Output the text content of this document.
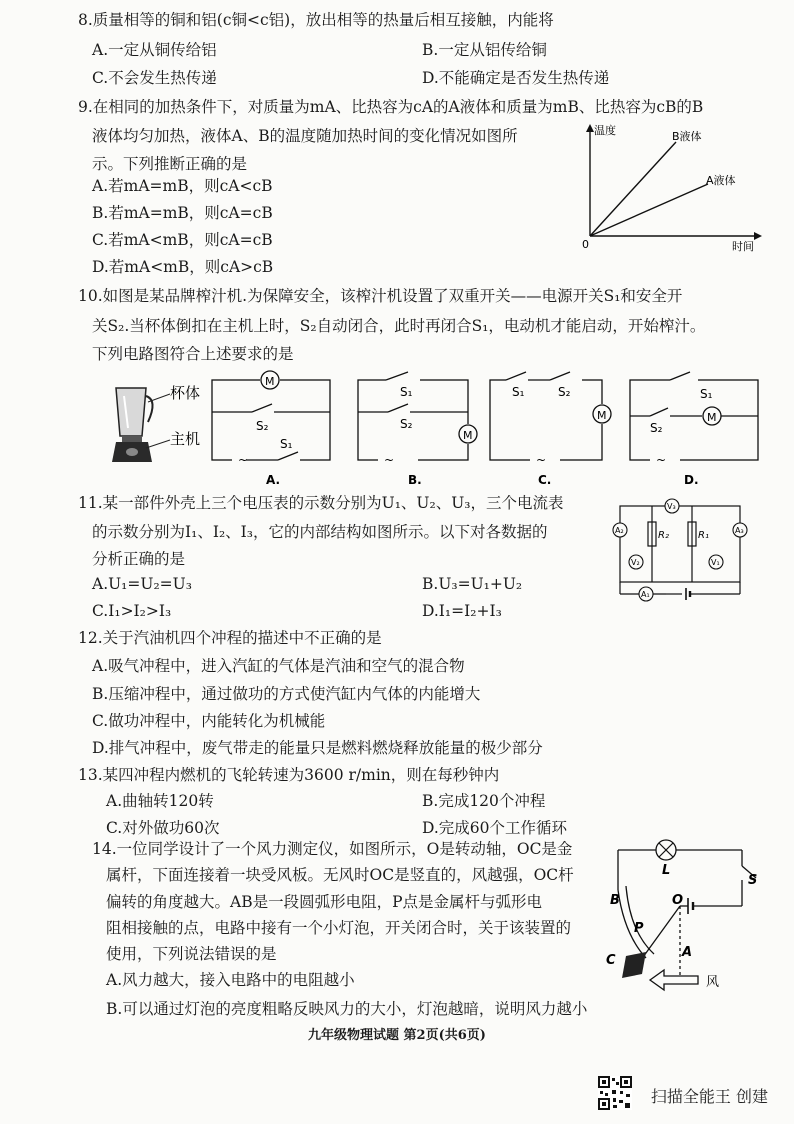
8.质量相等的铜和铝(c铜<c铝)，放出相等的热量后相互接触，内能将
A.一定从铜传给铝	B.一定从铝传给铜
C.不会发生热传递	D.不能确定是否发生热传递
9.在相同的加热条件下，对质量为mA、比热容为cA的A液体和质量为mB、比热容为cB的B
液体均匀加热，液体A、B的温度随加热时间的变化情况如图所
示。下列推断正确的是
A.若mA=mB，则cA<cB
B.若mA=mB，则cA=cB
C.若mA<mB，则cA=cB
D.若mA<mB，则cA>cB
温度	B液体
A液体
0	时间
10.如图是某品牌榨汁机.为保障安全，该榨汁机设置了双重开关——电源开关S₁和安全开
关S₂.当杯体倒扣在主机上时，S₂自动闭合，此时再闭合S₁，电动机才能启动，开始榨汁。
下列电路图符合上述要求的是
杯体
主机
M
S₂
~
S₁
A.
S₁
S₂
M
~
B.
S₁	S₂
M
~
C.
S₁
M
S₂
~
D.
11.某一部件外壳上三个电压表的示数分别为U₁、U₂、U₃，三个电流表
的示数分别为I₁、I₂、I₃，它的内部结构如图所示。以下对各数据的
分析正确的是
A.U₁=U₂=U₃	B.U₃=U₁+U₂
C.I₁>I₂>I₃	D.I₁=I₂+I₃
V₃
A₂	A₃
V₂	V₁
A₁
R₂	R₁
12.关于汽油机四个冲程的描述中不正确的是
A.吸气冲程中，进入汽缸的气体是汽油和空气的混合物
B.压缩冲程中，通过做功的方式使汽缸内气体的内能增大
C.做功冲程中，内能转化为机械能
D.排气冲程中，废气带走的能量只是燃料燃烧释放能量的极少部分
13.某四冲程内燃机的飞轮转速为3600 r/min，则在每秒钟内
A.曲轴转120转	B.完成120个冲程
C.对外做功60次	D.完成60个工作循环
14.一位同学设计了一个风力测定仪，如图所示，O是转动轴，OC是金
属杆，下面连接着一块受风板。无风时OC是竖直的，风越强，OC杆
偏转的角度越大。AB是一段圆弧形电阻，P点是金属杆与弧形电
阻相接触的点，电路中接有一个小灯泡，开关闭合时，关于该装置的
使用，下列说法错误的是
A.风力越大，接入电路中的电阻越小
B.可以通过灯泡的亮度粗略反映风力的大小，灯泡越暗，说明风力越小
L
S
O
B
P
A
C
风
九年级物理试题 第2页(共6页)
扫描全能王 创建
